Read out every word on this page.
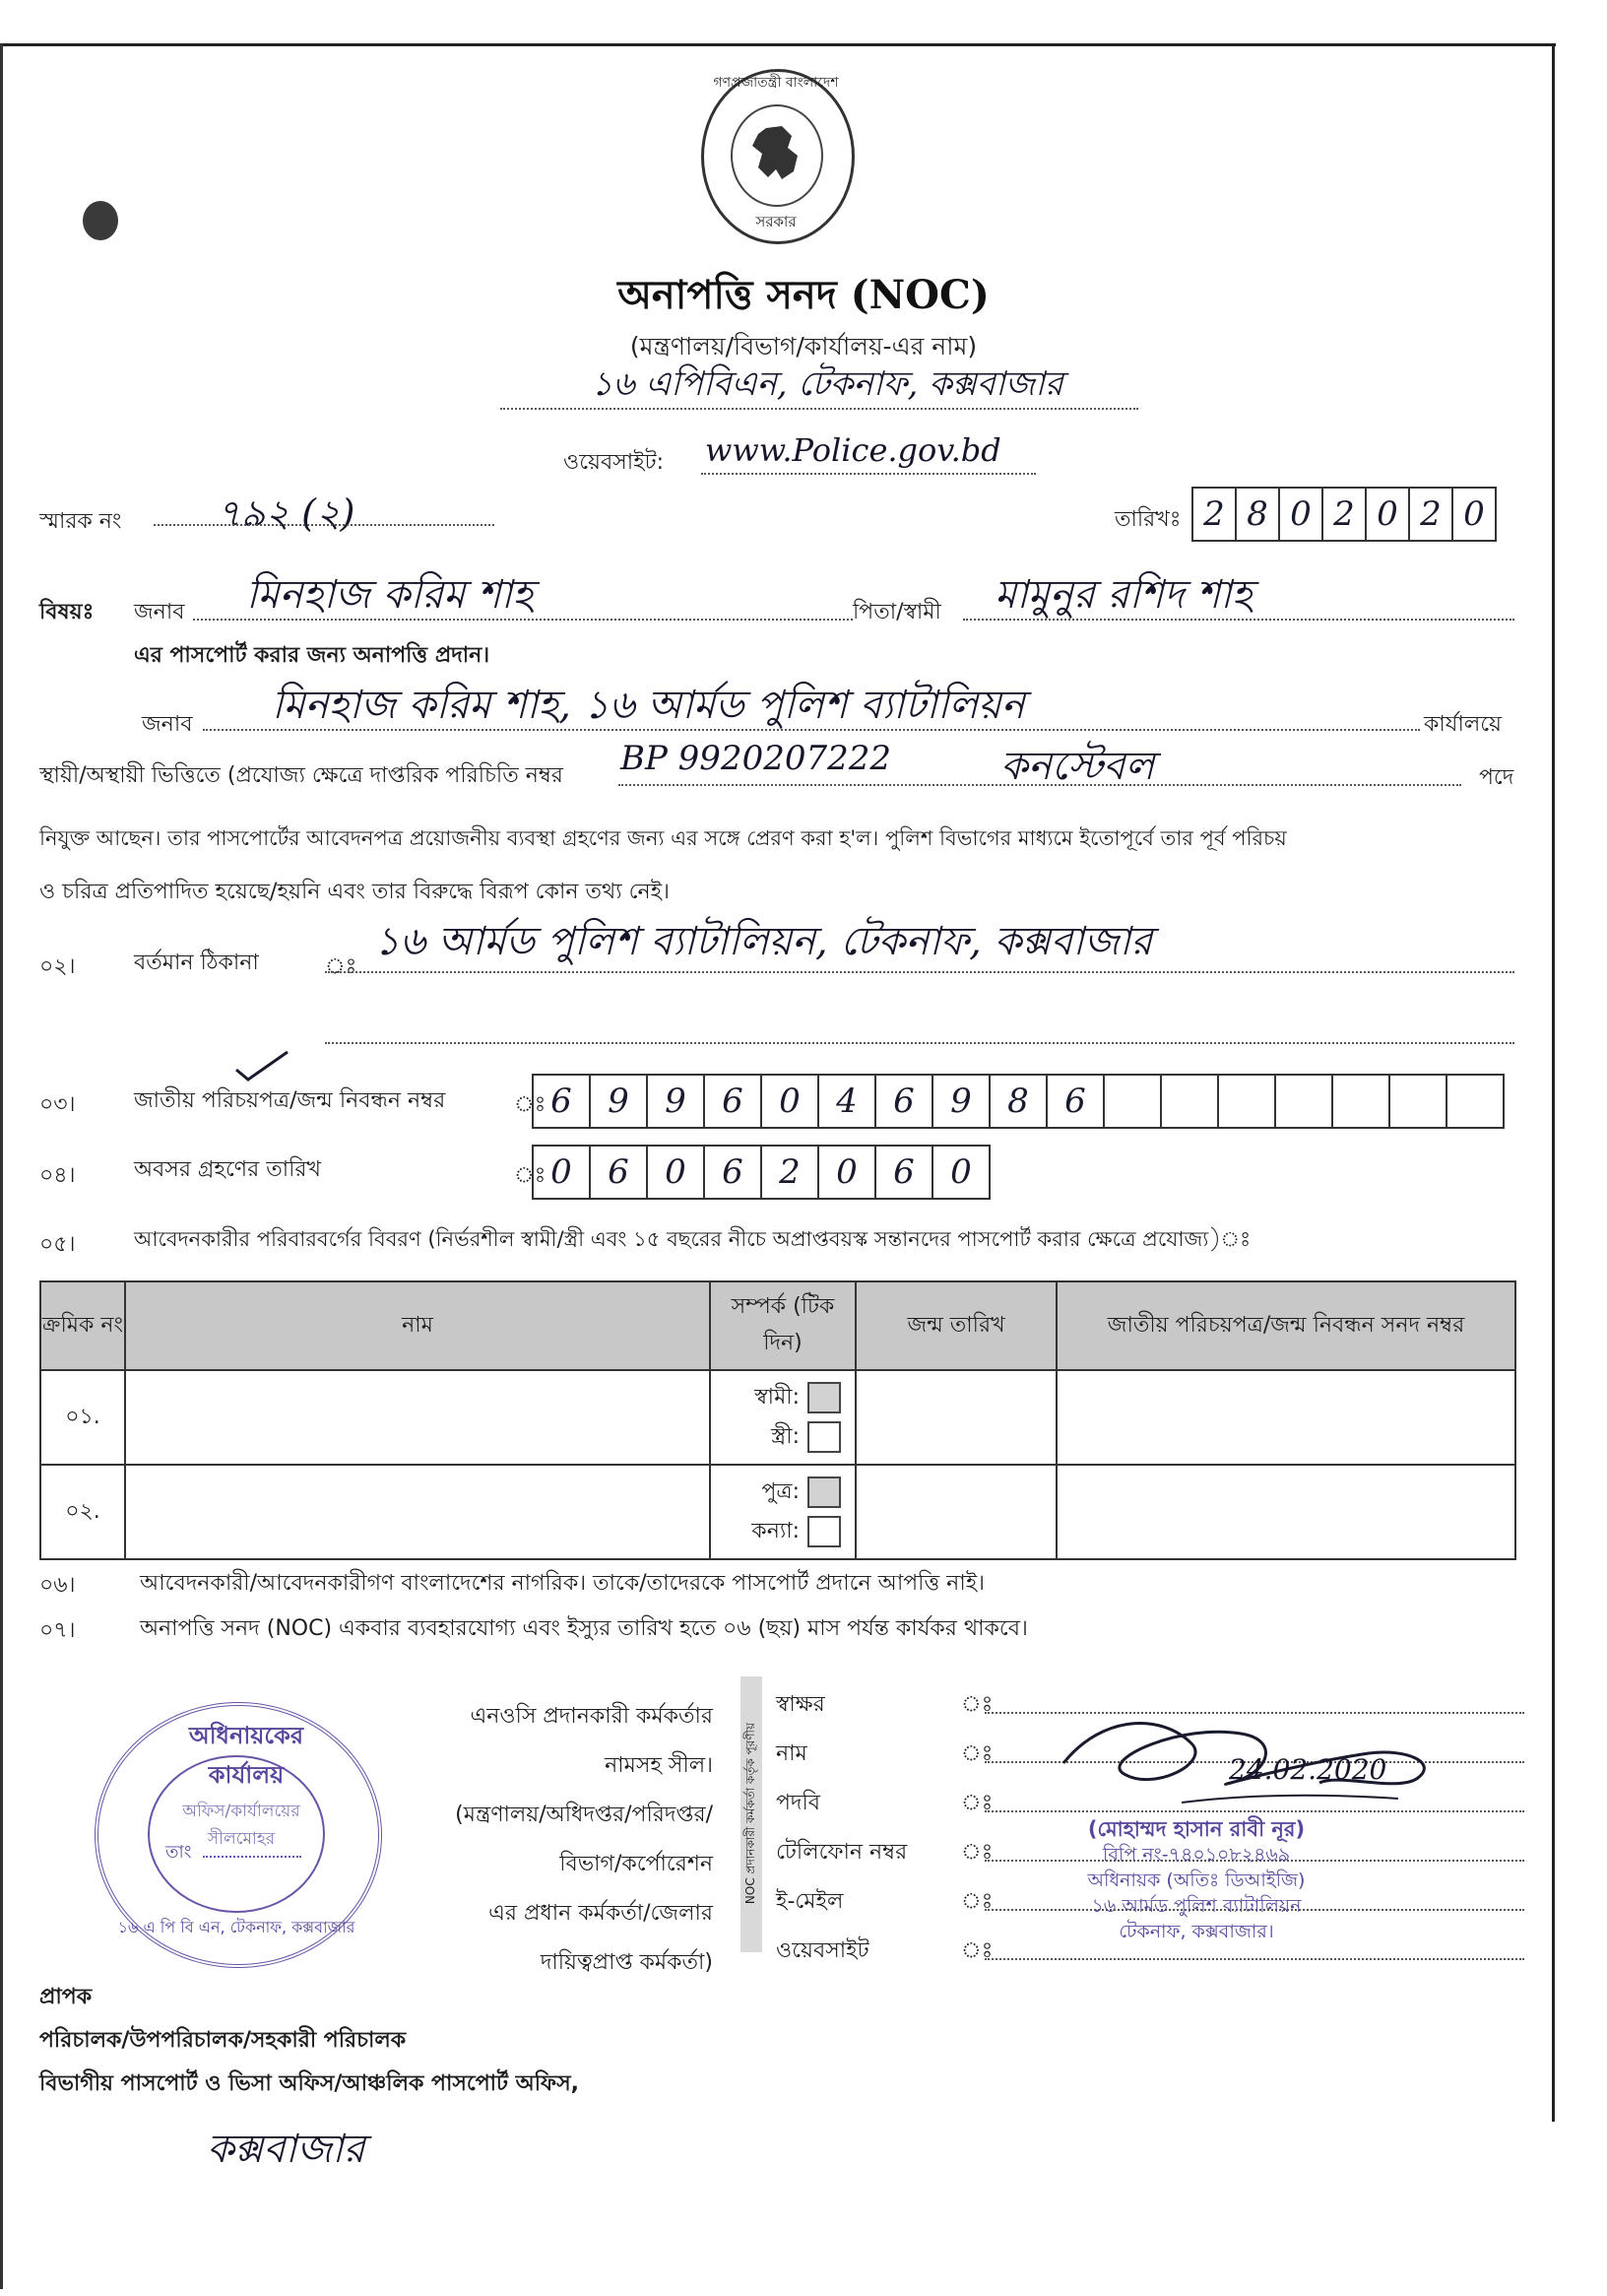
গণপ্রজাতন্ত্রী বাংলাদেশ
সরকার
অনাপত্তি সনদ (NOC)
(মন্ত্রণালয়/বিভাগ/কার্যালয়-এর নাম)
১৬ এপিবিএন, টেকনাফ, কক্সবাজার
ওয়েবসাইট: www.Police.gov.bd
স্মারক নং	৭৯২ (২)	তারিখঃ 2 8 0 2 0 2 0
বিষয়ঃ জনাব মিনহাজ করিম শাহ	পিতা/স্বামী মামুনুর রশিদ শাহ
এর পাসপোর্ট করার জন্য অনাপত্তি প্রদান।
জনাব মিনহাজ করিম শাহ, ১৬ আর্মড পুলিশ ব্যাটালিয়ন	কার্যালয়ে
স্থায়ী/অস্থায়ী ভিত্তিতে (প্রযোজ্য ক্ষেত্রে দাপ্তরিক পরিচিতি নম্বর BP 9920207222	কনস্টেবল	পদে
নিযুক্ত আছেন। তার পাসপোর্টের আবেদনপত্র প্রয়োজনীয় ব্যবস্থা গ্রহণের জন্য এর সঙ্গে প্রেরণ করা হ'ল। পুলিশ বিভাগের মাধ্যমে ইতোপূর্বে তার পূর্ব পরিচয়
ও চরিত্র প্রতিপাদিত হয়েছে/হয়নি এবং তার বিরুদ্ধে বিরূপ কোন তথ্য নেই।
০২।	বর্তমান ঠিকানা	ঃ
১৬ আর্মড পুলিশ ব্যাটালিয়ন, টেকনাফ, কক্সবাজার
০৩।	জাতীয় পরিচয়পত্র/জন্ম নিবন্ধন নম্বর	ঃ 6	9	9	6	0	4	6	9	8	6
০৪।	অবসর গ্রহণের তারিখ	ঃ 0	6	0	6	2	0	6	0
০৫।	আবেদনকারীর পরিবারবর্গের বিবরণ (নির্ভরশীল স্বামী/স্ত্রী এবং ১৫ বছরের নীচে অপ্রাপ্তবয়স্ক সন্তানদের পাসপোর্ট করার ক্ষেত্রে প্রযোজ্য)ঃ
ক্রমিক নং	নাম	সম্পর্ক (টিক দিন)	জন্ম তারিখ	জাতীয় পরিচয়পত্র/জন্ম নিবন্ধন সনদ নম্বর
০১.		স্বামী:
স্ত্রী:		

০২.		পুত্র:
কন্যা:		

০৬।	আবেদনকারী/আবেদনকারীগণ বাংলাদেশের নাগরিক। তাকে/তাদেরকে পাসপোর্ট প্রদানে আপত্তি নাই।
০৭।	অনাপত্তি সনদ (NOC) একবার ব্যবহারযোগ্য এবং ইস্যুর তারিখ হতে ০৬ (ছয়) মাস পর্যন্ত কার্যকর থাকবে।
এনওসি প্রদানকারী কর্মকর্তার
নামসহ সীল।
(মন্ত্রণালয়/অধিদপ্তর/পরিদপ্তর/
বিভাগ/কর্পোরেশন
এর প্রধান কর্মকর্তা/জেলার
দায়িত্বপ্রাপ্ত কর্মকর্তা)
NOC প্রদানকারী কর্মকর্তা কর্তৃক পূরণীয়
স্বাক্ষর	ঃ
নাম	ঃ
পদবি	ঃ
টেলিফোন নম্বর	ঃ
ই-মেইল	ঃ
ওয়েবসাইট	ঃ
24.02.2020
(মোহাম্মদ হাসান রাবী নূর)
বিপি নং-৭৪০১০৮২৪৬৯
অধিনায়ক (অতিঃ ডিআইজি)
১৬ আর্মড পুলিশ ব্যাটালিয়ন
টেকনাফ, কক্সবাজার।
অধিনায়কের কার্যালয়
অফিস/কার্যালয়ের সীলমোহর
তাং
১৬ এ পি বি এন, টেকনাফ, কক্সবাজার
প্রাপক
পরিচালক/উপপরিচালক/সহকারী পরিচালক
বিভাগীয় পাসপোর্ট ও ভিসা অফিস/আঞ্চলিক পাসপোর্ট অফিস,
কক্সবাজার
